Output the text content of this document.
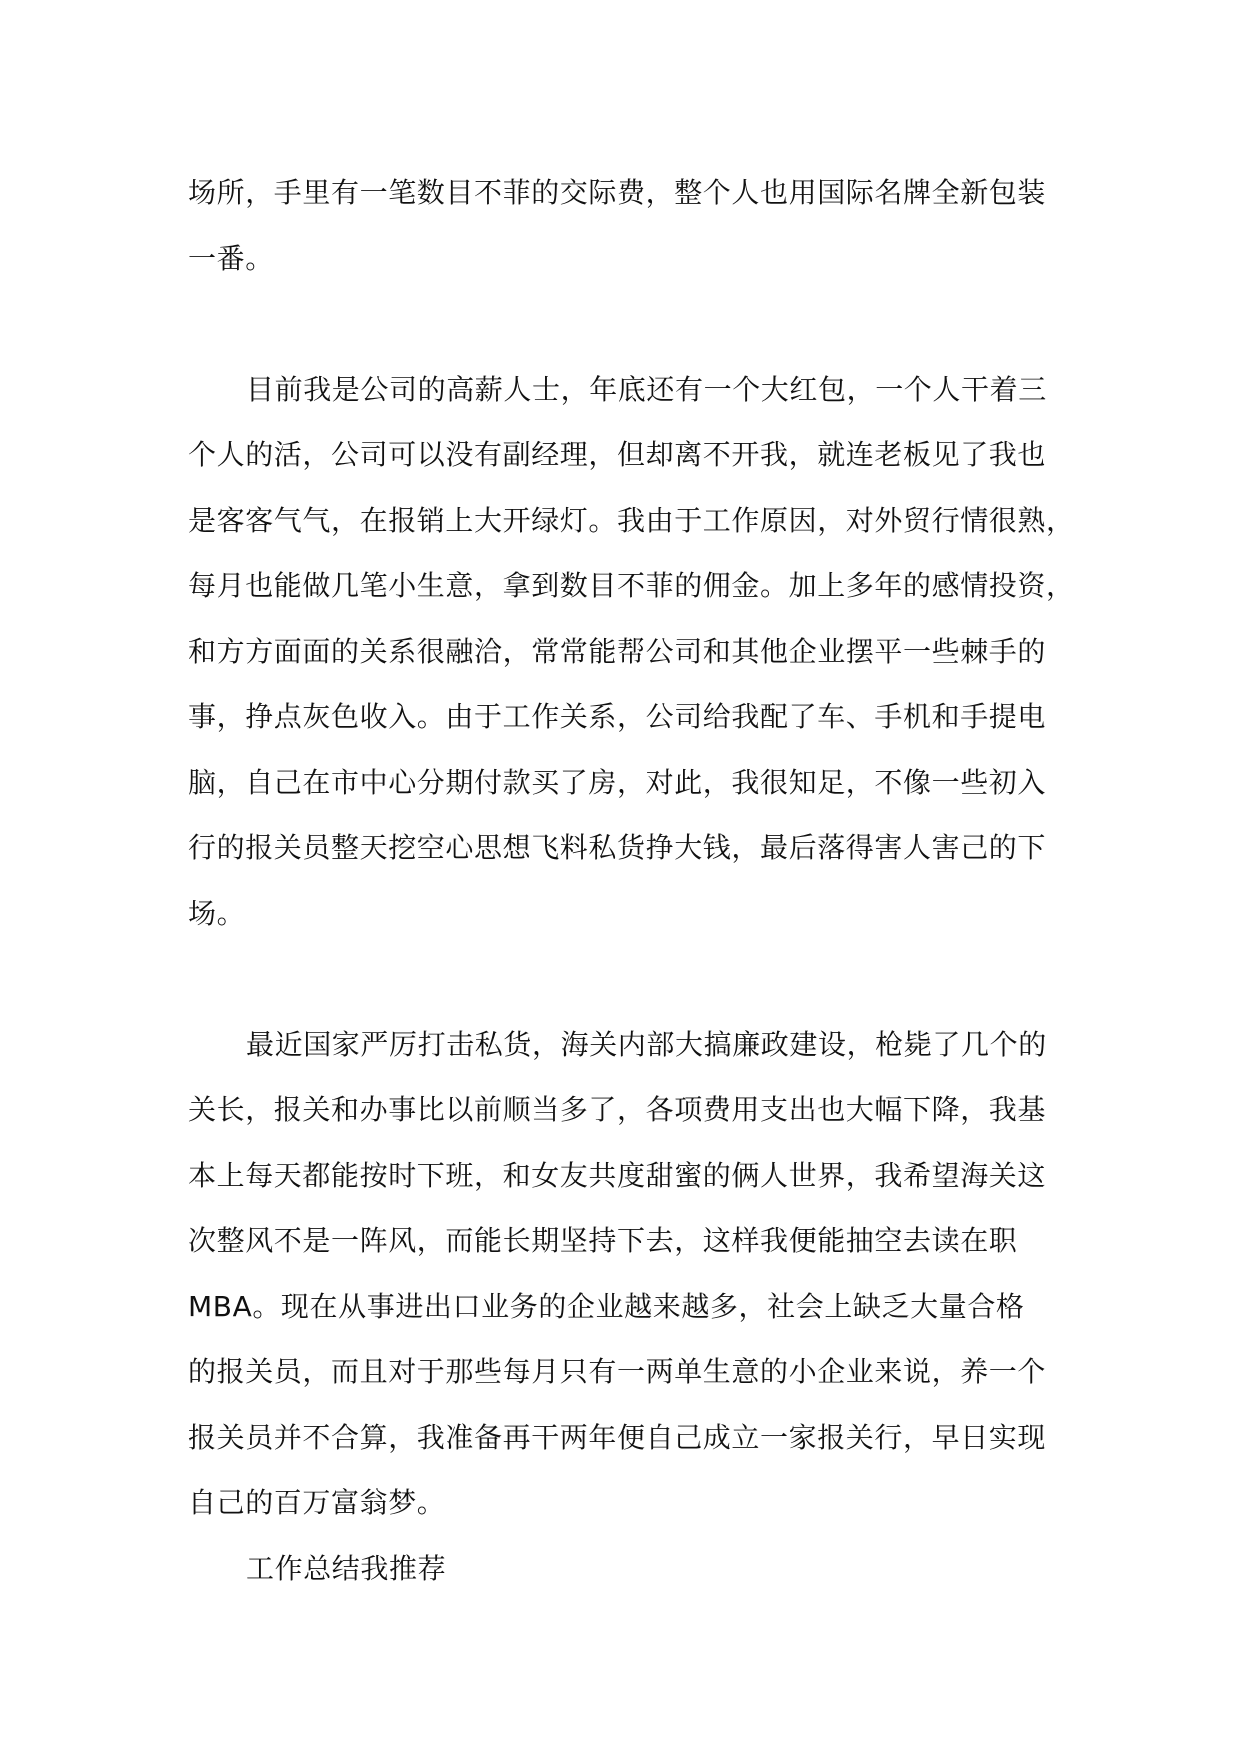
场所，手里有一笔数目不菲的交际费，整个人也用国际名牌全新包装
一番。
目前我是公司的高薪人士，年底还有一个大红包，一个人干着三
个人的活，公司可以没有副经理，但却离不开我，就连老板见了我也
是客客气气，在报销上大开绿灯。我由于工作原因，对外贸行情很熟，
每月也能做几笔小生意，拿到数目不菲的佣金。加上多年的感情投资，
和方方面面的关系很融洽，常常能帮公司和其他企业摆平一些棘手的
事，挣点灰色收入。由于工作关系，公司给我配了车、手机和手提电
脑，自己在市中心分期付款买了房，对此，我很知足，不像一些初入
行的报关员整天挖空心思想飞料私货挣大钱，最后落得害人害己的下
场。
最近国家严厉打击私货，海关内部大搞廉政建设，枪毙了几个的
关长，报关和办事比以前顺当多了，各项费用支出也大幅下降，我基
本上每天都能按时下班，和女友共度甜蜜的俩人世界，我希望海关这
次整风不是一阵风，而能长期坚持下去，这样我便能抽空去读在职
MBA。现在从事进出口业务的企业越来越多，社会上缺乏大量合格
的报关员，而且对于那些每月只有一两单生意的小企业来说，养一个
报关员并不合算，我准备再干两年便自己成立一家报关行，早日实现
自己的百万富翁梦。
工作总结我推荐
